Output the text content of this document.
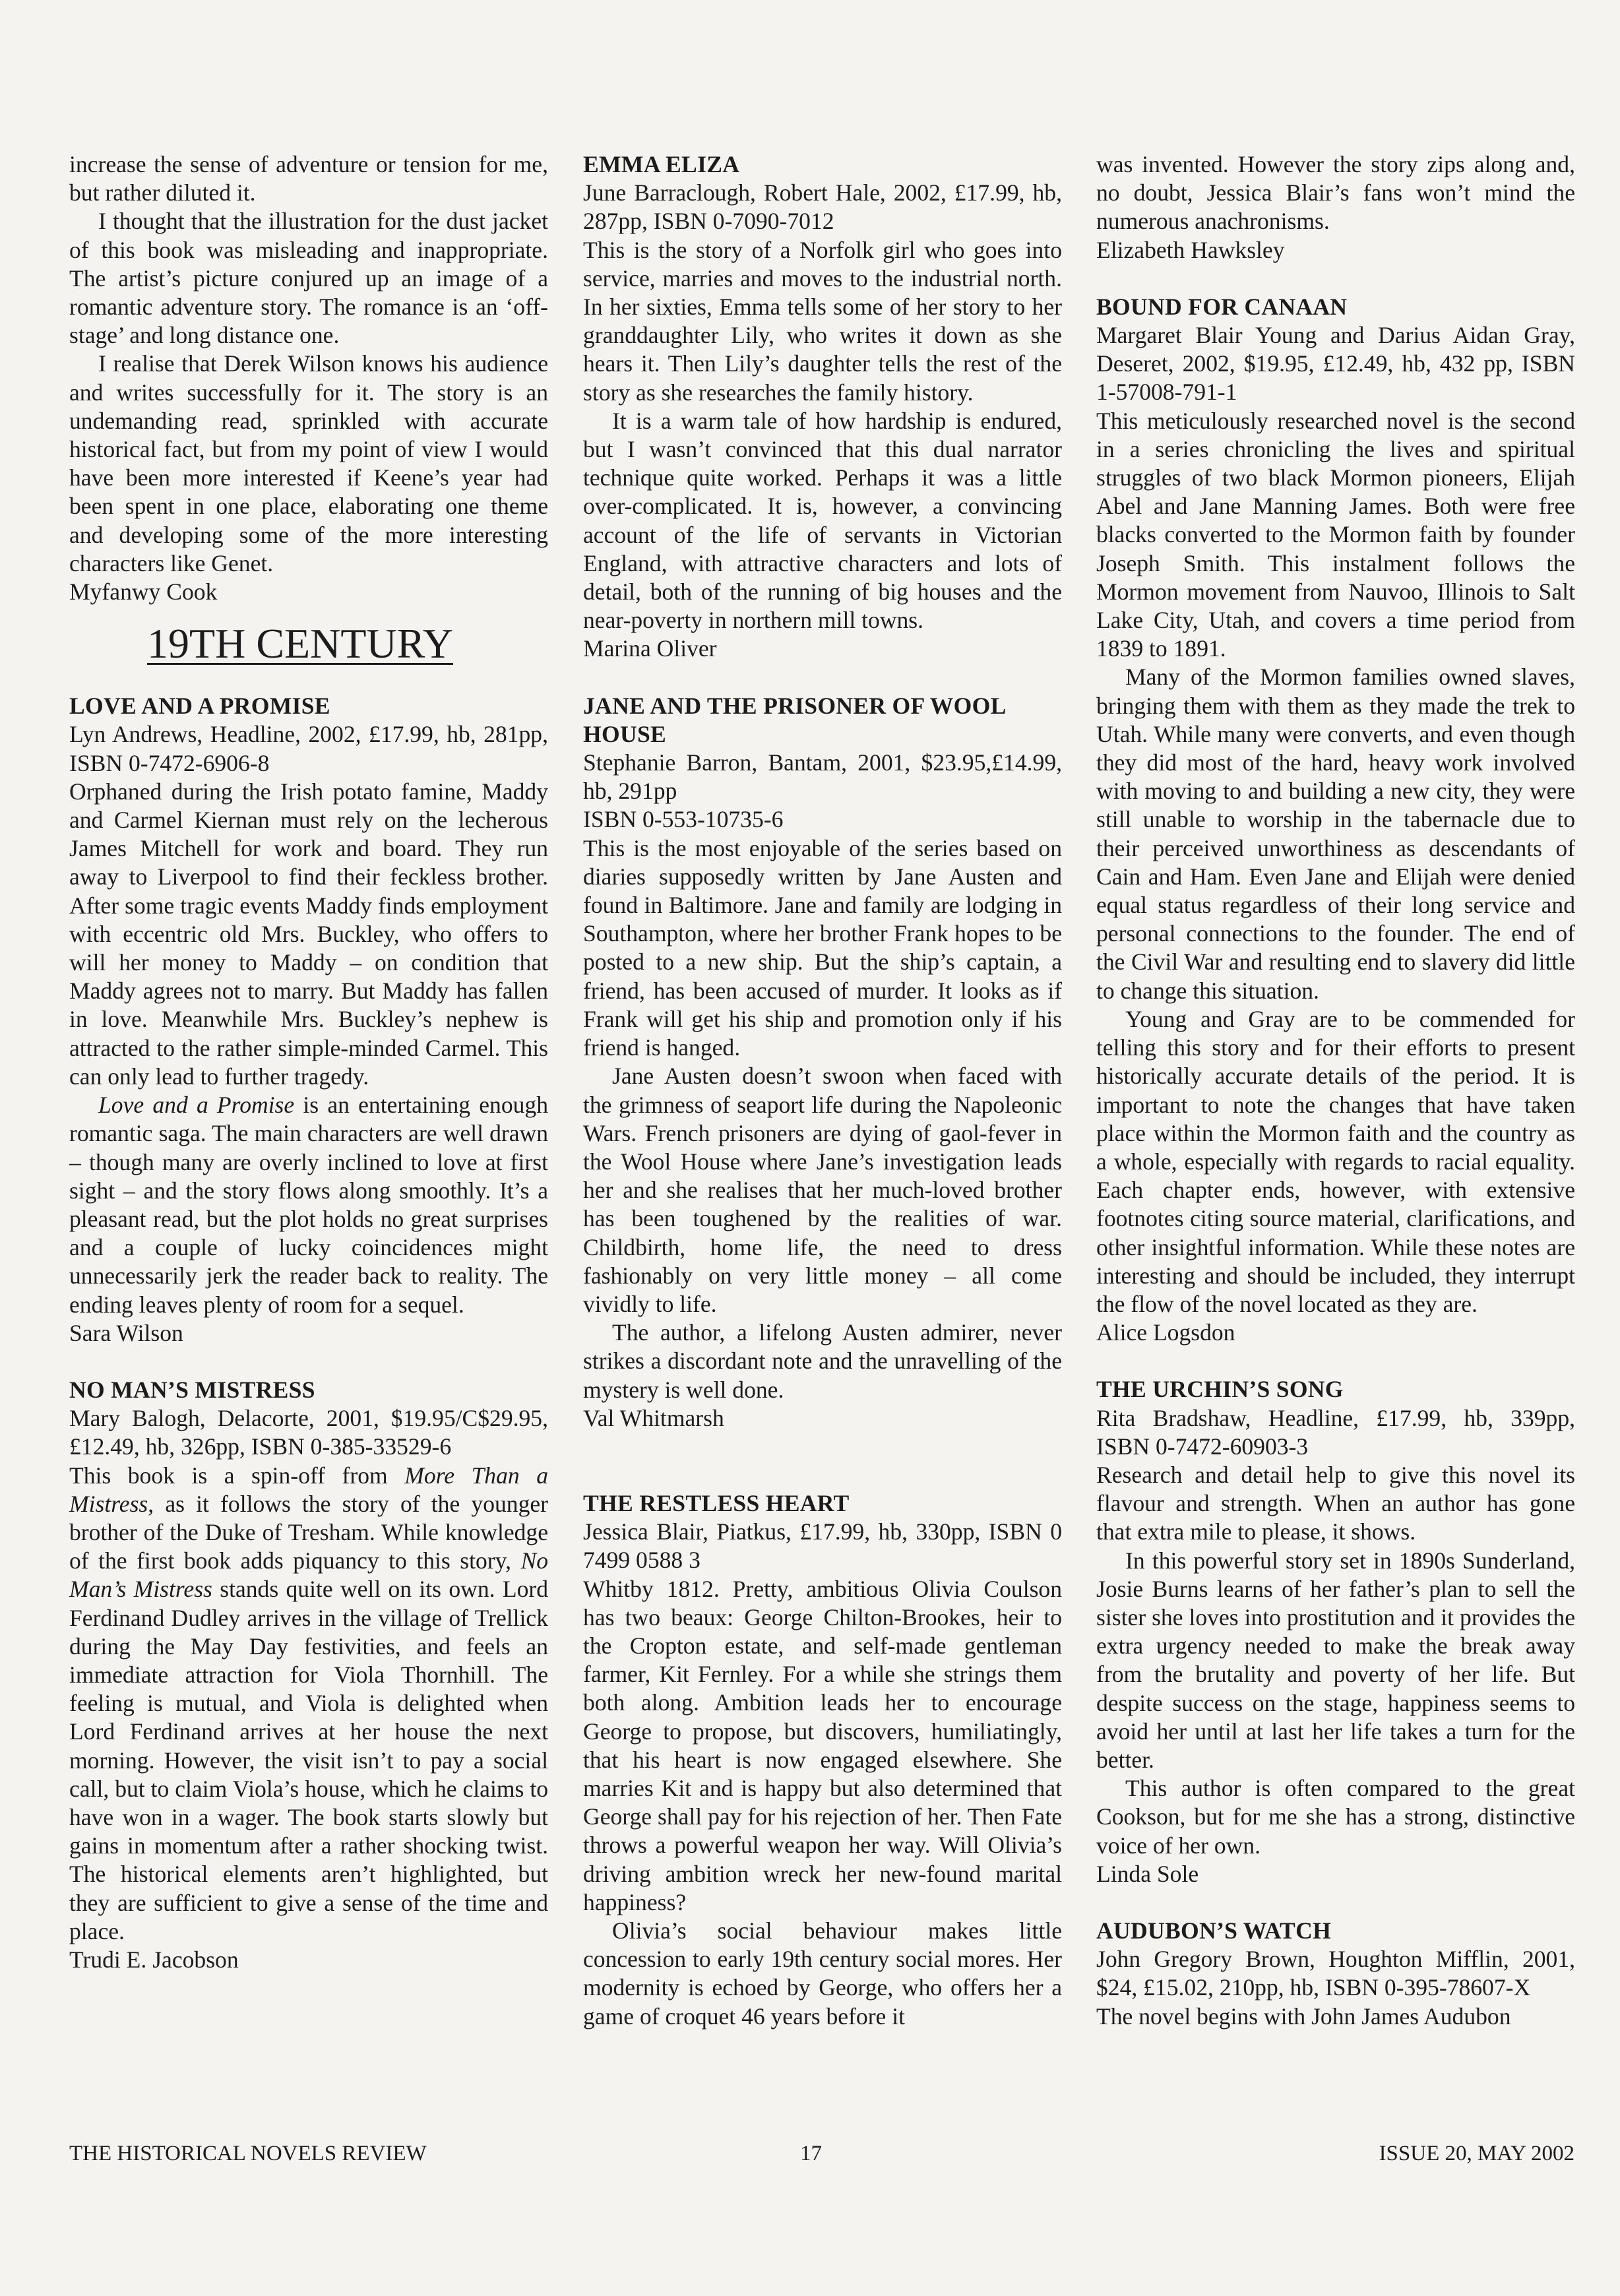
increase the sense of adventure or tension for me, but rather diluted it.

I thought that the illustration for the dust jacket of this book was misleading and inappropriate. The artist’s picture conjured up an image of a romantic adventure story. The romance is an ‘off-stage’ and long distance one.

I realise that Derek Wilson knows his audience and writes successfully for it. The story is an undemanding read, sprinkled with accurate historical fact, but from my point of view I would have been more interested if Keene’s year had been spent in one place, elaborating one theme and developing some of the more interesting characters like Genet.

Myfanwy Cook

19TH CENTURY
LOVE AND A PROMISE

Lyn Andrews, Headline, 2002, £17.99, hb, 281pp, ISBN 0-7472-6906-8

Orphaned during the Irish potato famine, Maddy and Carmel Kiernan must rely on the lecherous James Mitchell for work and board. They run away to Liverpool to find their feckless brother. After some tragic events Maddy finds employment with eccentric old Mrs. Buckley, who offers to will her money to Maddy – on condition that Maddy agrees not to marry. But Maddy has fallen in love. Meanwhile Mrs. Buckley’s nephew is attracted to the rather simple-minded Carmel. This can only lead to further tragedy.

Love and a Promise is an entertaining enough romantic saga. The main characters are well drawn – though many are overly inclined to love at first sight – and the story flows along smoothly. It’s a pleasant read, but the plot holds no great surprises and a couple of lucky coincidences might unnecessarily jerk the reader back to reality. The ending leaves plenty of room for a sequel.

Sara Wilson

NO MAN’S MISTRESS

Mary Balogh, Delacorte, 2001, $19.95/C$29.95, £12.49, hb, 326pp, ISBN 0-385-33529-6

This book is a spin-off from More Than a Mistress, as it follows the story of the younger brother of the Duke of Tresham. While knowledge of the first book adds piquancy to this story, No Man’s Mistress stands quite well on its own. Lord Ferdinand Dudley arrives in the village of Trellick during the May Day festivities, and feels an immediate attraction for Viola Thornhill. The feeling is mutual, and Viola is delighted when Lord Ferdinand arrives at her house the next morning. However, the visit isn’t to pay a social call, but to claim Viola’s house, which he claims to have won in a wager. The book starts slowly but gains in momentum after a rather shocking twist. The historical elements aren’t highlighted, but they are sufficient to give a sense of the time and place.

Trudi E. Jacobson

EMMA ELIZA

June Barraclough, Robert Hale, 2002, £17.99, hb, 287pp, ISBN 0-7090-7012

This is the story of a Norfolk girl who goes into service, marries and moves to the industrial north. In her sixties, Emma tells some of her story to her granddaughter Lily, who writes it down as she hears it. Then Lily’s daughter tells the rest of the story as she researches the family history.

It is a warm tale of how hardship is endured, but I wasn’t convinced that this dual narrator technique quite worked. Perhaps it was a little over-complicated. It is, however, a convincing account of the life of servants in Victorian England, with attractive characters and lots of detail, both of the running of big houses and the near-poverty in northern mill towns.

Marina Oliver

JANE AND THE PRISONER OF WOOL HOUSE

Stephanie Barron, Bantam, 2001, $23.95,£14.99, hb, 291pp

ISBN 0-553-10735-6

This is the most enjoyable of the series based on diaries supposedly written by Jane Austen and found in Baltimore. Jane and family are lodging in Southampton, where her brother Frank hopes to be posted to a new ship. But the ship’s captain, a friend, has been accused of murder. It looks as if Frank will get his ship and promotion only if his friend is hanged.

Jane Austen doesn’t swoon when faced with the grimness of seaport life during the Napoleonic Wars. French prisoners are dying of gaol-fever in the Wool House where Jane’s investigation leads her and she realises that her much-loved brother has been toughened by the realities of war. Childbirth, home life, the need to dress fashionably on very little money – all come vividly to life.

The author, a lifelong Austen admirer, never strikes a discordant note and the unravelling of the mystery is well done.

Val Whitmarsh

THE RESTLESS HEART

Jessica Blair, Piatkus, £17.99, hb, 330pp, ISBN 0 7499 0588 3

Whitby 1812. Pretty, ambitious Olivia Coulson has two beaux: George Chilton-Brookes, heir to the Cropton estate, and self-made gentleman farmer, Kit Fernley. For a while she strings them both along. Ambition leads her to encourage George to propose, but discovers, humiliatingly, that his heart is now engaged elsewhere. She marries Kit and is happy but also determined that George shall pay for his rejection of her. Then Fate throws a powerful weapon her way. Will Olivia’s driving ambition wreck her new-found marital happiness?

Olivia’s social behaviour makes little concession to early 19th century social mores. Her modernity is echoed by George, who offers her a game of croquet 46 years before it

was invented. However the story zips along and, no doubt, Jessica Blair’s fans won’t mind the numerous anachronisms.

Elizabeth Hawksley

BOUND FOR CANAAN

Margaret Blair Young and Darius Aidan Gray, Deseret, 2002, $19.95, £12.49, hb, 432 pp, ISBN 1-57008-791-1

This meticulously researched novel is the second in a series chronicling the lives and spiritual struggles of two black Mormon pioneers, Elijah Abel and Jane Manning James. Both were free blacks converted to the Mormon faith by founder Joseph Smith. This instalment follows the Mormon movement from Nauvoo, Illinois to Salt Lake City, Utah, and covers a time period from 1839 to 1891.

Many of the Mormon families owned slaves, bringing them with them as they made the trek to Utah. While many were converts, and even though they did most of the hard, heavy work involved with moving to and building a new city, they were still unable to worship in the tabernacle due to their perceived unworthiness as descendants of Cain and Ham. Even Jane and Elijah were denied equal status regardless of their long service and personal connections to the founder. The end of the Civil War and resulting end to slavery did little to change this situation.

Young and Gray are to be commended for telling this story and for their efforts to present historically accurate details of the period. It is important to note the changes that have taken place within the Mormon faith and the country as a whole, especially with regards to racial equality. Each chapter ends, however, with extensive footnotes citing source material, clarifications, and other insightful information. While these notes are interesting and should be included, they interrupt the flow of the novel located as they are.

Alice Logsdon

THE URCHIN’S SONG

Rita Bradshaw, Headline, £17.99, hb, 339pp, ISBN 0-7472-60903-3

Research and detail help to give this novel its flavour and strength. When an author has gone that extra mile to please, it shows.

In this powerful story set in 1890s Sunderland, Josie Burns learns of her father’s plan to sell the sister she loves into prostitution and it provides the extra urgency needed to make the break away from the brutality and poverty of her life. But despite success on the stage, happiness seems to avoid her until at last her life takes a turn for the better.

This author is often compared to the great Cookson, but for me she has a strong, distinctive voice of her own.

Linda Sole

AUDUBON’S WATCH

John Gregory Brown, Houghton Mifflin, 2001, $24, £15.02, 210pp, hb, ISBN 0-395-78607-X

The novel begins with John James Audubon

THE HISTORICAL NOVELS REVIEW	17	ISSUE 20, MAY 2002
